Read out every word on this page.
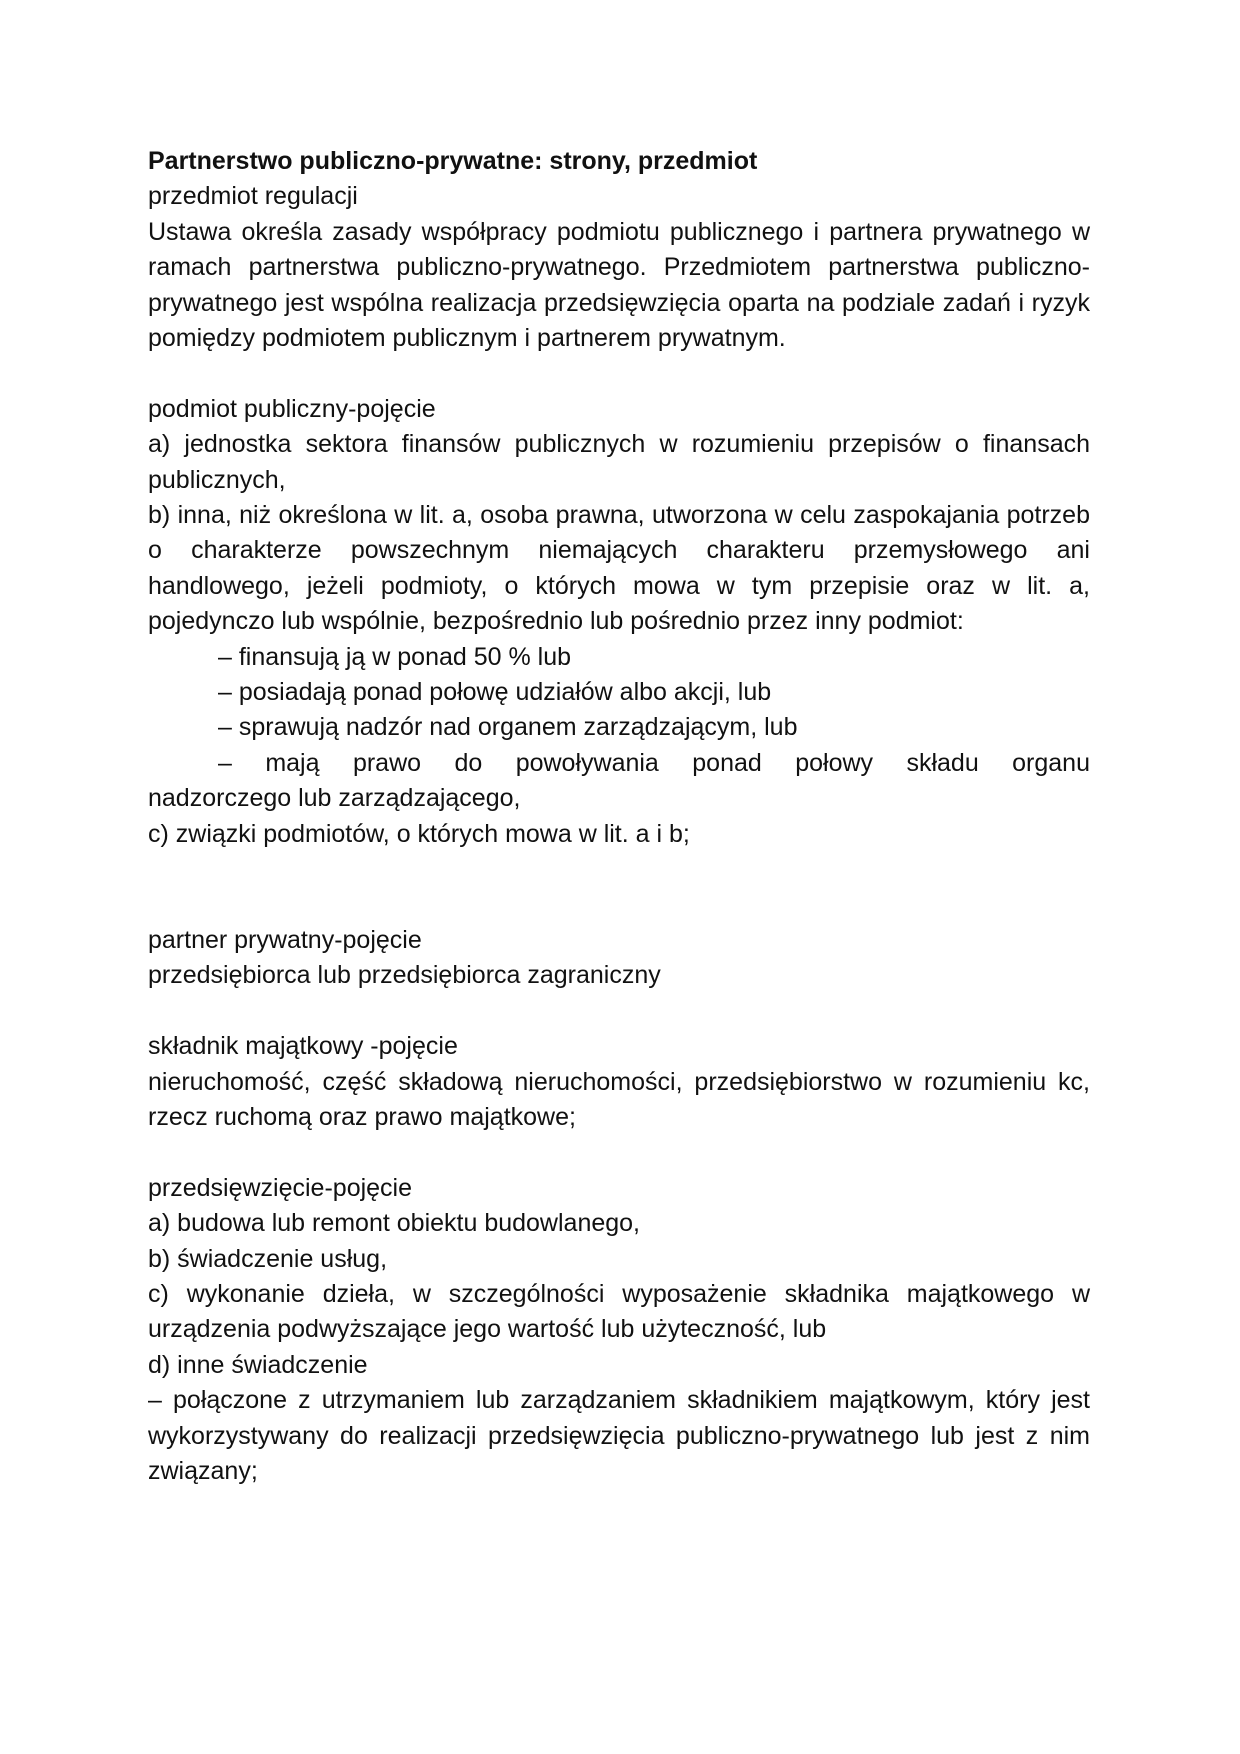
Partnerstwo publiczno-prywatne: strony, przedmiot

przedmiot regulacji

Ustawa określa zasady współpracy podmiotu publicznego i partnera prywatnego w ramach partnerstwa publiczno-prywatnego. Przedmiotem partnerstwa publiczno-prywatnego jest wspólna realizacja przedsięwzięcia oparta na podziale zadań i ryzyk pomiędzy podmiotem publicznym i partnerem prywatnym.

podmiot publiczny-pojęcie

a) jednostka sektora finansów publicznych w rozumieniu przepisów o finansach publicznych,

b) inna, niż określona w lit. a, osoba prawna, utworzona w celu zaspokajania potrzeb o charakterze powszechnym niemających charakteru przemysłowego ani handlowego, jeżeli podmioty, o których mowa w tym przepisie oraz w lit. a, pojedynczo lub wspólnie, bezpośrednio lub pośrednio przez inny podmiot:

– finansują ją w ponad 50 % lub

– posiadają ponad połowę udziałów albo akcji, lub

– sprawują nadzór nad organem zarządzającym, lub

– mają prawo do powoływania ponad połowy składu organu

nadzorczego lub zarządzającego,

c) związki podmiotów, o których mowa w lit. a i b;

partner prywatny-pojęcie

przedsiębiorca lub przedsiębiorca zagraniczny

składnik majątkowy -pojęcie

nieruchomość, część składową nieruchomości, przedsiębiorstwo w rozumieniu kc, rzecz ruchomą oraz prawo majątkowe;

przedsięwzięcie-pojęcie

a) budowa lub remont obiektu budowlanego,

b) świadczenie usług,

c) wykonanie dzieła, w szczególności wyposażenie składnika majątkowego w urządzenia podwyższające jego wartość lub użyteczność, lub

d) inne świadczenie

– połączone z utrzymaniem lub zarządzaniem składnikiem majątkowym, który jest wykorzystywany do realizacji przedsięwzięcia publiczno-prywatnego lub jest z nim związany;
